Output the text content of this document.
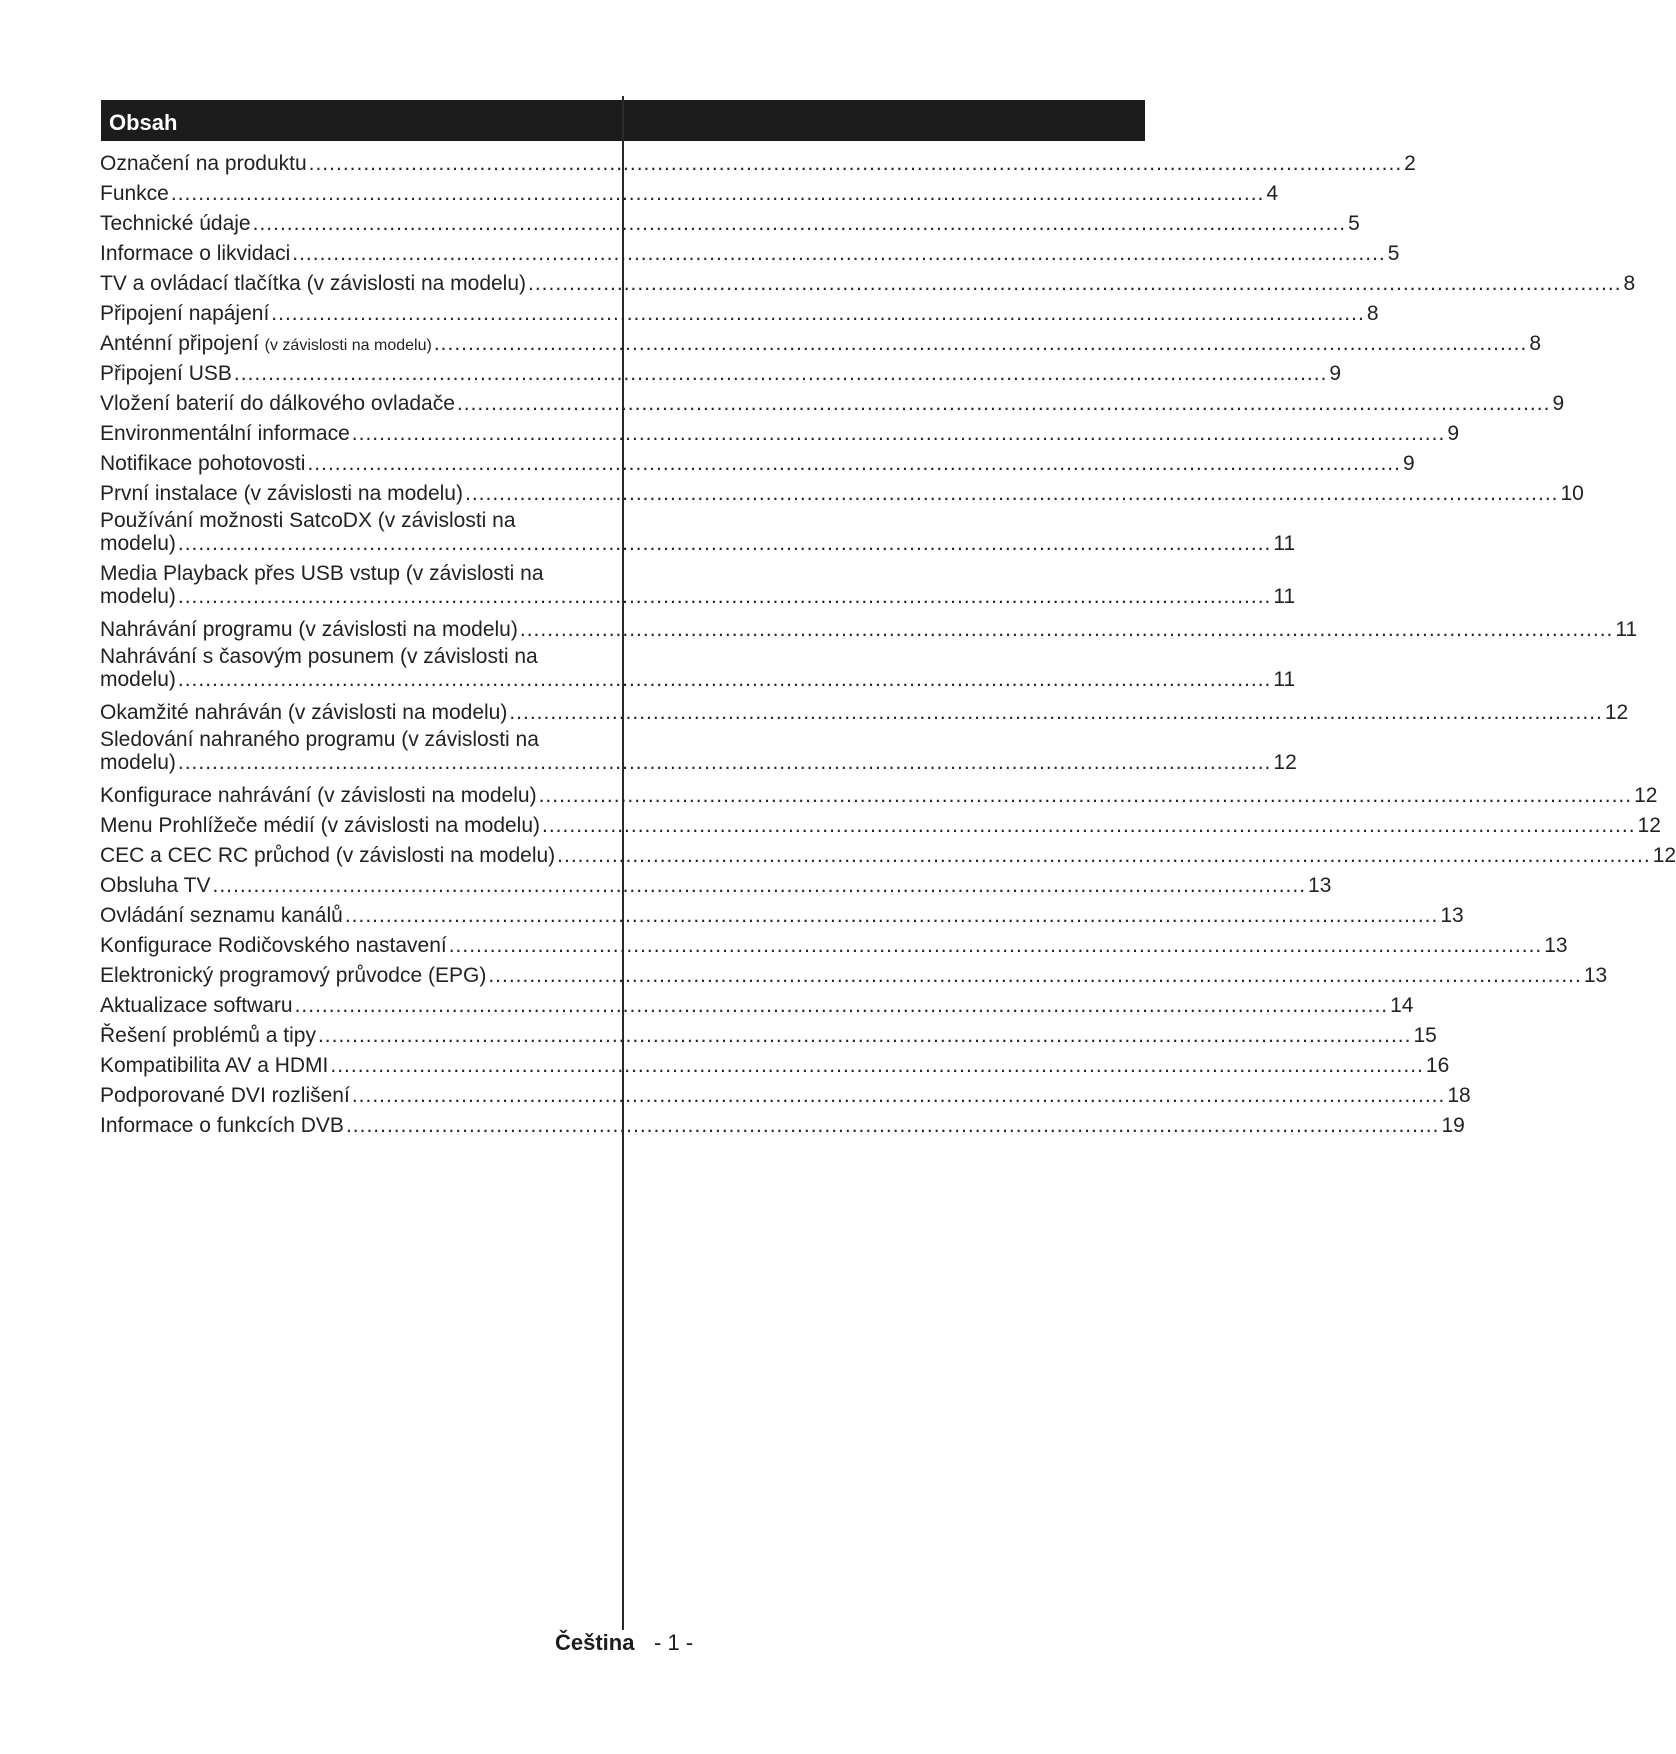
Obsah
Označení na produktu ................................................................................................................................................................ 2
Funkce ................................................................................................................................................................ 4
Technické údaje ................................................................................................................................................................ 5
Informace o likvidaci ................................................................................................................................................................ 5
TV a ovládací tlačítka (v závislosti na modelu) ................................................................................................................................................................ 8
Připojení napájení ................................................................................................................................................................ 8
Anténní připojení (v závislosti na modelu) ................................................................................................................................................................ 8
Připojení USB ................................................................................................................................................................ 9
Vložení baterií do dálkového ovladače ................................................................................................................................................................ 9
Environmentální informace ................................................................................................................................................................ 9
Notifikace pohotovosti ................................................................................................................................................................ 9
První instalace (v závislosti na modelu) ................................................................................................................................................................ 10
Používání možnosti SatcoDX (v závislosti na
modelu) ................................................................................................................................................................ 11
Media Playback přes USB vstup (v závislosti na
modelu) ................................................................................................................................................................ 11
Nahrávání programu (v závislosti na modelu) ................................................................................................................................................................ 11
Nahrávání s časovým posunem (v závislosti na
modelu) ................................................................................................................................................................ 11
Okamžité nahráván (v závislosti na modelu) ................................................................................................................................................................ 12
Sledování nahraného programu (v závislosti na
modelu) ................................................................................................................................................................ 12
Konfigurace nahrávání (v závislosti na modelu) ................................................................................................................................................................ 12
Menu Prohlížeče médií (v závislosti na modelu) ................................................................................................................................................................ 12
CEC a CEC RC průchod (v závislosti na modelu) ................................................................................................................................................................ 12
Obsluha TV ................................................................................................................................................................ 13
Ovládání seznamu kanálů ................................................................................................................................................................ 13
Konfigurace Rodičovského nastavení ................................................................................................................................................................ 13
Elektronický programový průvodce (EPG) ................................................................................................................................................................ 13
Aktualizace softwaru ................................................................................................................................................................ 14
Řešení problémů a tipy ................................................................................................................................................................ 15
Kompatibilita AV a HDMI ................................................................................................................................................................ 16
Podporované DVI rozlišení ................................................................................................................................................................ 18
Informace o funkcích DVB ................................................................................................................................................................ 19
Čeština - 1 -
